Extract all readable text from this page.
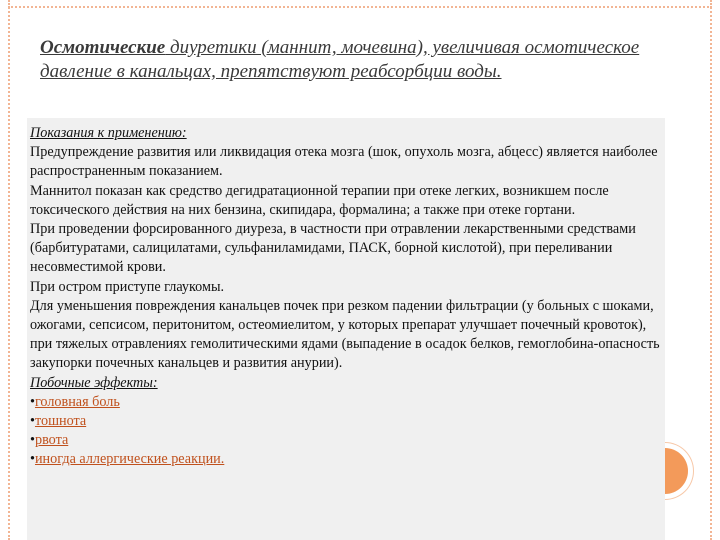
Осмотические диуретики (маннит, мочевина), увеличивая осмотическое давление в канальцах, препятствуют реабсорбции воды.

Показания к применению:

Предупреждение развития или ликвидация отека мозга (шок, опухоль мозга, абцесс) является наиболее распространенным показанием.

Маннитол показан как средство дегидратационной терапии при отеке легких, возникшем после токсического действия на них бензина, скипидара, формалина; а также при отеке гортани.

При проведении форсированного диуреза, в частности при отравлении лекарственными средствами (барбитуратами, салицилатами, сульфаниламидами, ПАСК, борной кислотой), при переливании несовместимой крови.

При остром приступе глаукомы.

Для уменьшения повреждения канальцев почек при резком падении фильтрации (у больных с шоками, ожогами, сепсисом, перитонитом, остеомиелитом, у которых препарат улучшает почечный кровоток), при тяжелых отравлениях гемолитическими ядами (выпадение в осадок белков, гемоглобина-опасность закупорки почечных канальцев и развития анурии).

Побочные эффекты:

•головная боль

•тошнота

•рвота

•иногда аллергические реакции.
